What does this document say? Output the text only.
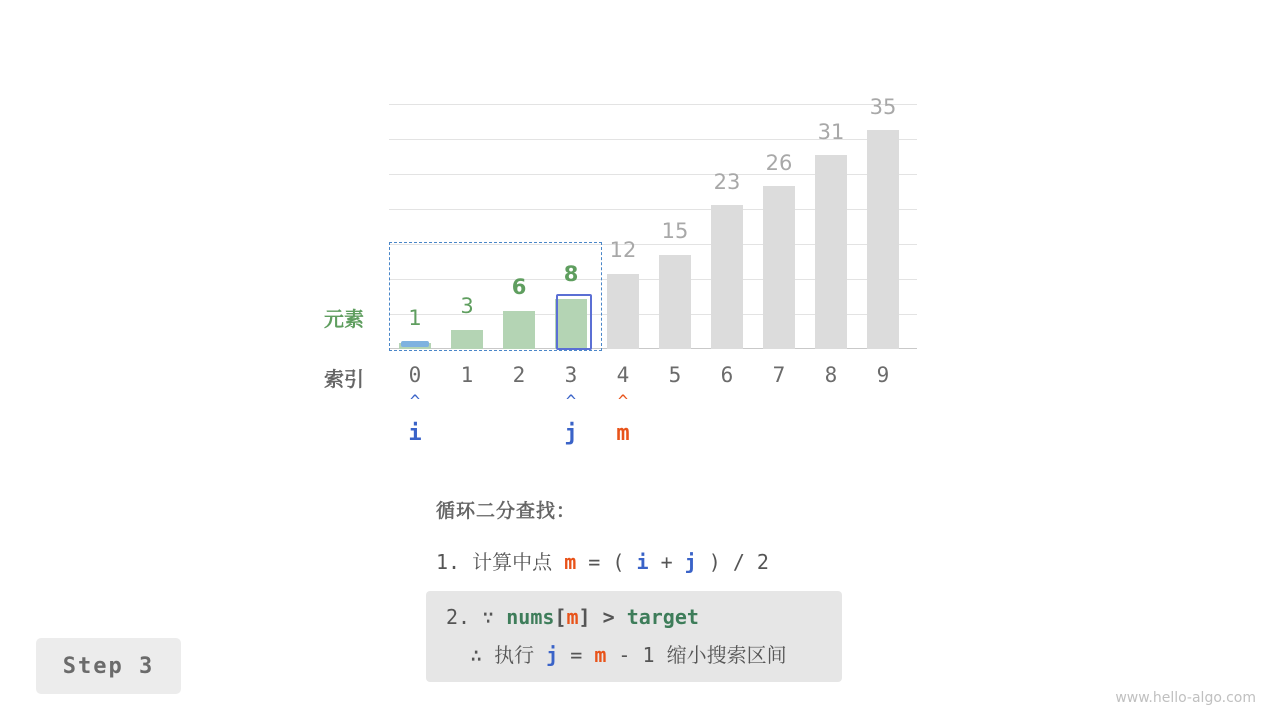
1	3
6
8
12
15
23
26
31
35
元素
索引	0	1	2	3	4	5	6	7	8	9
^	^	^
i	j	m
循环二分查找：
1. 计算中点 m = ( i + j ) / 2
2. ∵ nums[m] > target
∴ 执行 j = m - 1 缩小搜索区间
Step 3
www.hello-algo.com
